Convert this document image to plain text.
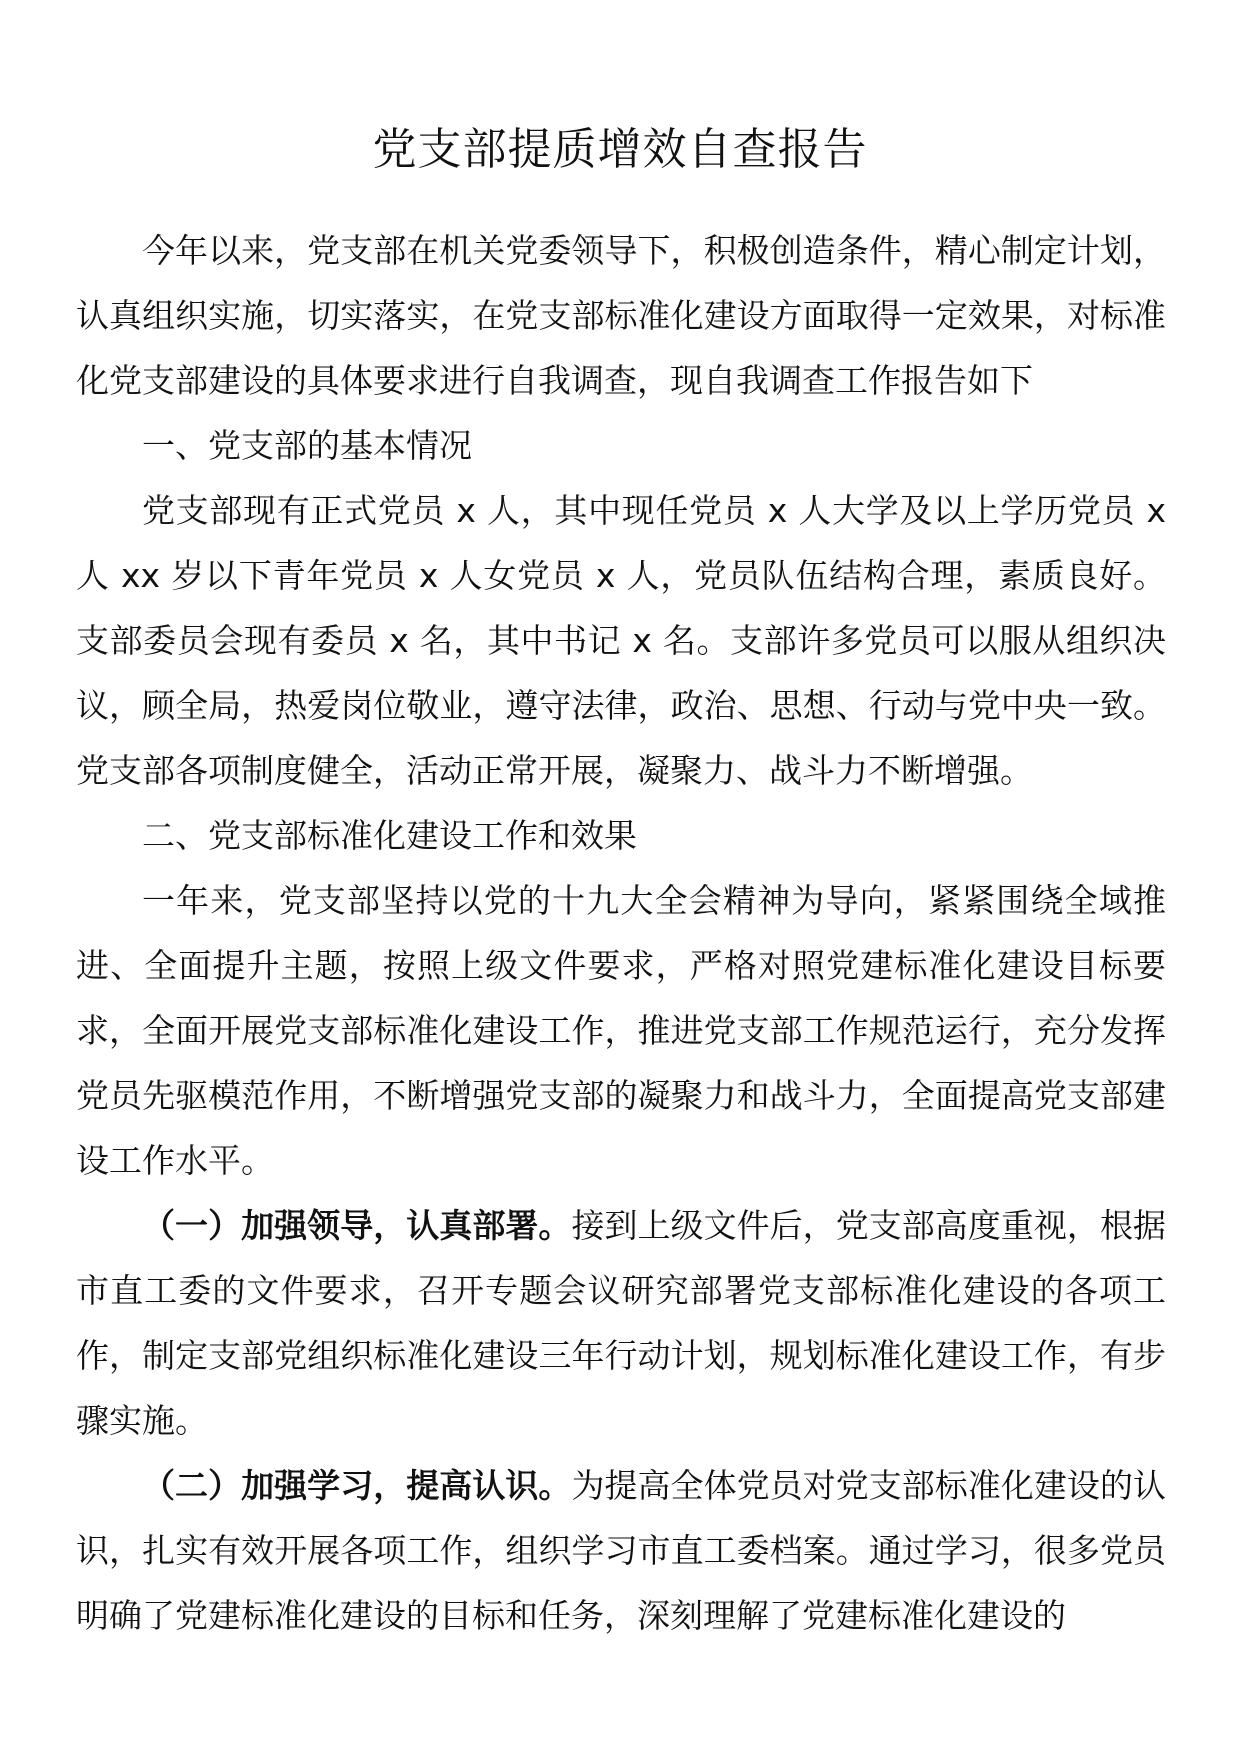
党支部提质增效自查报告

今年以来，党支部在机关党委领导下，积极创造条件，精心制定计划，认真组织实施，切实落实，在党支部标准化建设方面取得一定效果，对标准化党支部建设的具体要求进行自我调查，现自我调查工作报告如下

一、党支部的基本情况

党支部现有正式党员 x 人，其中现任党员 x 人大学及以上学历党员 x 人 xx 岁以下青年党员 x 人女党员 x 人，党员队伍结构合理，素质良好。支部委员会现有委员 x 名，其中书记 x 名。支部许多党员可以服从组织决议，顾全局，热爱岗位敬业，遵守法律，政治、思想、行动与党中央一致。党支部各项制度健全，活动正常开展，凝聚力、战斗力不断增强。

二、党支部标准化建设工作和效果

一年来，党支部坚持以党的十九大全会精神为导向，紧紧围绕全域推进、全面提升主题，按照上级文件要求，严格对照党建标准化建设目标要求，全面开展党支部标准化建设工作，推进党支部工作规范运行，充分发挥党员先驱模范作用，不断增强党支部的凝聚力和战斗力，全面提高党支部建设工作水平。

（一）加强领导，认真部署。接到上级文件后，党支部高度重视，根据市直工委的文件要求，召开专题会议研究部署党支部标准化建设的各项工作，制定支部党组织标准化建设三年行动计划，规划标准化建设工作，有步骤实施。

（二）加强学习，提高认识。为提高全体党员对党支部标准化建设的认识，扎实有效开展各项工作，组织学习市直工委档案。通过学习，很多党员明确了党建标准化建设的目标和任务，深刻理解了党建标准化建设的
